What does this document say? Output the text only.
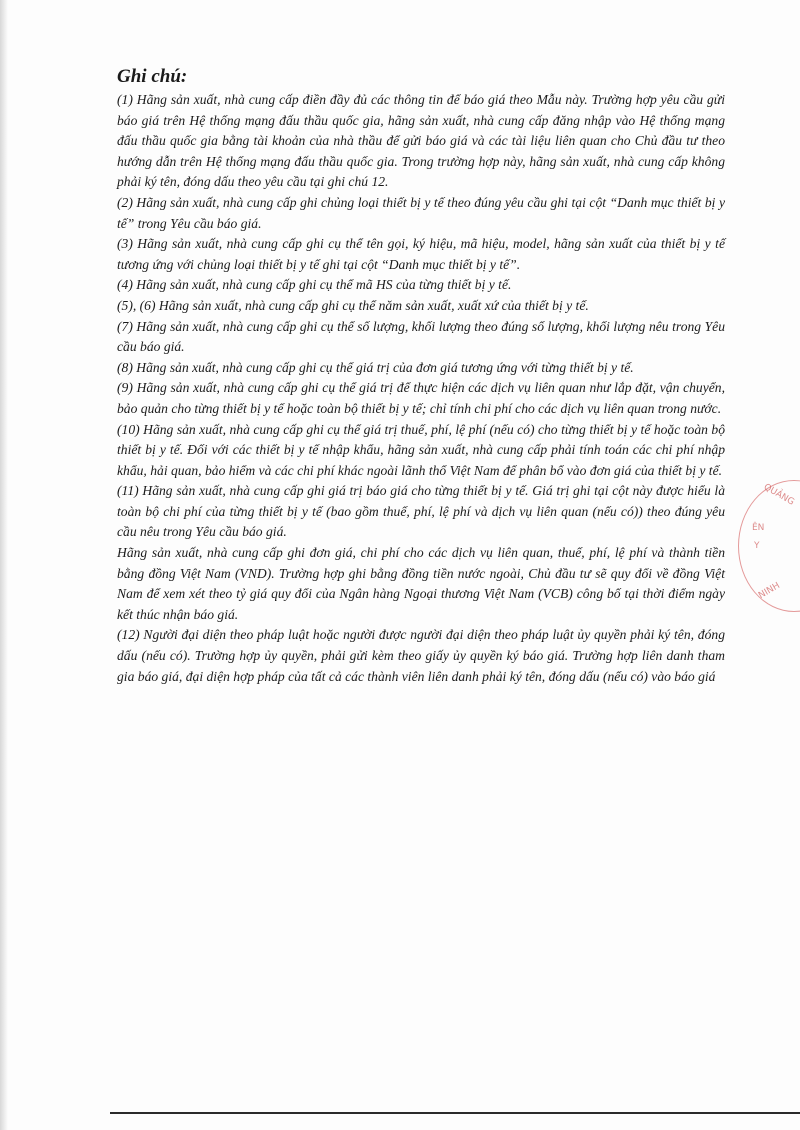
Ghi chú:

(1) Hãng sản xuất, nhà cung cấp điền đầy đủ các thông tin để báo giá theo Mẫu này. Trường hợp yêu cầu gửi báo giá trên Hệ thống mạng đấu thầu quốc gia, hãng sản xuất, nhà cung cấp đăng nhập vào Hệ thống mạng đấu thầu quốc gia bằng tài khoản của nhà thầu để gửi báo giá và các tài liệu liên quan cho Chủ đầu tư theo hướng dẫn trên Hệ thống mạng đấu thầu quốc gia. Trong trường hợp này, hãng sản xuất, nhà cung cấp không phải ký tên, đóng dấu theo yêu cầu tại ghi chú 12.

(2) Hãng sản xuất, nhà cung cấp ghi chủng loại thiết bị y tế theo đúng yêu cầu ghi tại cột “Danh mục thiết bị y tế” trong Yêu cầu báo giá.

(3) Hãng sản xuất, nhà cung cấp ghi cụ thể tên gọi, ký hiệu, mã hiệu, model, hãng sản xuất của thiết bị y tế tương ứng với chủng loại thiết bị y tế ghi tại cột “Danh mục thiết bị y tế”.

(4) Hãng sản xuất, nhà cung cấp ghi cụ thể mã HS của từng thiết bị y tế.

(5), (6) Hãng sản xuất, nhà cung cấp ghi cụ thể năm sản xuất, xuất xứ của thiết bị y tế.

(7) Hãng sản xuất, nhà cung cấp ghi cụ thể số lượng, khối lượng theo đúng số lượng, khối lượng nêu trong Yêu cầu báo giá.

(8) Hãng sản xuất, nhà cung cấp ghi cụ thể giá trị của đơn giá tương ứng với từng thiết bị y tế.

(9) Hãng sản xuất, nhà cung cấp ghi cụ thể giá trị để thực hiện các dịch vụ liên quan như lắp đặt, vận chuyển, bảo quản cho từng thiết bị y tế hoặc toàn bộ thiết bị y tế; chỉ tính chi phí cho các dịch vụ liên quan trong nước.

(10) Hãng sản xuất, nhà cung cấp ghi cụ thể giá trị thuế, phí, lệ phí (nếu có) cho từng thiết bị y tế hoặc toàn bộ thiết bị y tế. Đối với các thiết bị y tế nhập khẩu, hãng sản xuất, nhà cung cấp phải tính toán các chi phí nhập khẩu, hải quan, bảo hiểm và các chi phí khác ngoài lãnh thổ Việt Nam để phân bổ vào đơn giá của thiết bị y tế.

(11) Hãng sản xuất, nhà cung cấp ghi giá trị báo giá cho từng thiết bị y tế. Giá trị ghi tại cột này được hiểu là toàn bộ chi phí của từng thiết bị y tế (bao gồm thuế, phí, lệ phí và dịch vụ liên quan (nếu có)) theo đúng yêu cầu nêu trong Yêu cầu báo giá.

Hãng sản xuất, nhà cung cấp ghi đơn giá, chi phí cho các dịch vụ liên quan, thuế, phí, lệ phí và thành tiền bằng đồng Việt Nam (VND). Trường hợp ghi bằng đồng tiền nước ngoài, Chủ đầu tư sẽ quy đổi về đồng Việt Nam để xem xét theo tỷ giá quy đổi của Ngân hàng Ngoại thương Việt Nam (VCB) công bố tại thời điểm ngày kết thúc nhận báo giá.

(12) Người đại diện theo pháp luật hoặc người được người đại diện theo pháp luật ủy quyền phải ký tên, đóng dấu (nếu có). Trường hợp ủy quyền, phải gửi kèm theo giấy ủy quyền ký báo giá. Trường hợp liên danh tham gia báo giá, đại diện hợp pháp của tất cả các thành viên liên danh phải ký tên, đóng dấu (nếu có) vào báo giá

QUẢNG
ÊN
Y
NINH
